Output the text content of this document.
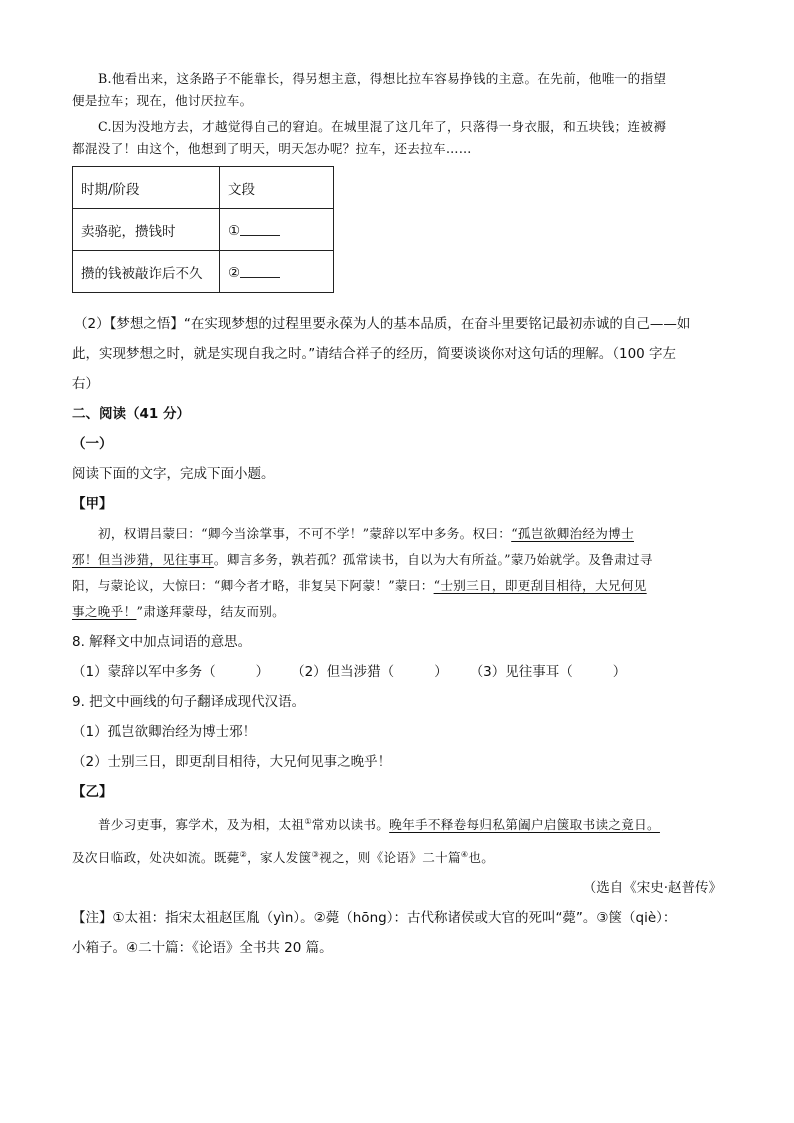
B.他看出来，这条路子不能靠长，得另想主意，得想比拉车容易挣钱的主意。在先前，他唯一的指望

便是拉车；现在，他讨厌拉车。

C.因为没地方去，才越觉得自己的窘迫。在城里混了这几年了，只落得一身衣服，和五块钱；连被褥

都混没了！由这个，他想到了明天，明天怎办呢？拉车，还去拉车……

时期/阶段	文段
卖骆驼，攒钱时	①
攒的钱被敲诈后不久	②

（2）【梦想之悟】“在实现梦想的过程里要永葆为人的基本品质，在奋斗里要铭记最初赤诚的自己——如

此，实现梦想之时，就是实现自我之时。”请结合祥子的经历，简要谈谈你对这句话的理解。（100 字左

右）

二、阅读（41 分）

（一）

阅读下面的文字，完成下面小题。

【甲】

初，权谓吕蒙曰：“卿今当涂掌事，不可不学！”蒙辞以军中多务。权曰：“孤岂欲卿治经为博士

邪！但当涉猎，见往事耳。卿言多务，孰若孤？孤常读书，自以为大有所益。”蒙乃始就学。及鲁肃过寻

阳，与蒙论议，大惊曰：“卿今者才略，非复吴下阿蒙！”蒙曰：“士别三日，即更刮目相待，大兄何见

事之晚乎！”肃遂拜蒙母，结友而别。

8. 解释文中加点词语的意思。

（1）蒙辞以军中多务（	） （2）但当涉猎（	） （3）见往事耳（	）

9. 把文中画线的句子翻译成现代汉语。

（1）孤岂欲卿治经为博士邪！

（2）士别三日，即更刮目相待，大兄何见事之晚乎！

【乙】

普少习吏事，寡学术，及为相，太祖①常劝以读书。晚年手不释卷每归私第阖户启箧取书读之竟日。

及次日临政，处决如流。既薨②，家人发箧③视之，则《论语》二十篇④也。

（选自《宋史·赵普传》

【注】①太祖：指宋太祖赵匡胤（yìn）。②薨（hōng）：古代称诸侯或大官的死叫“薨”。③箧（qiè）：

小箱子。④二十篇：《论语》全书共 20 篇。
